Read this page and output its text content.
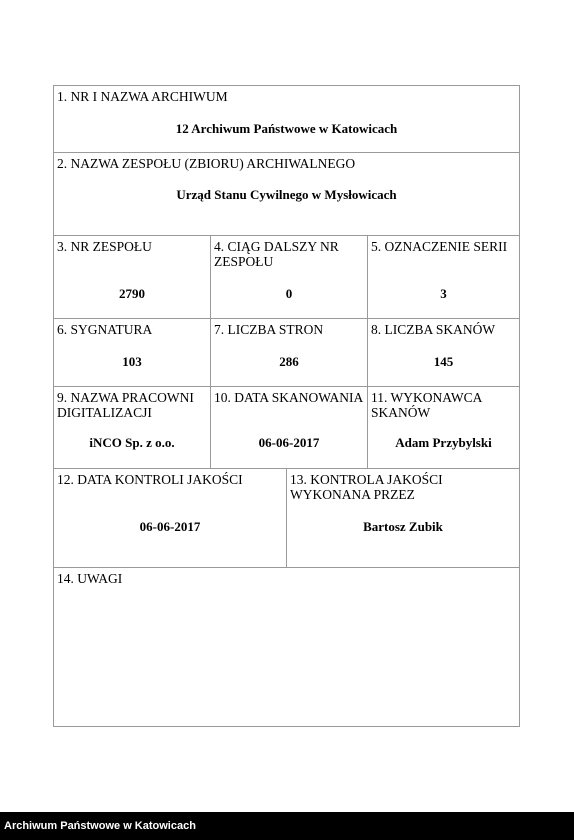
1. NR I NAZWA ARCHIWUM
12 Archiwum Państwowe w Katowicach
2. NAZWA ZESPOŁU (ZBIORU) ARCHIWALNEGO
Urząd Stanu Cywilnego w Mysłowicach
3. NR ZESPOŁU
2790
4. CIĄG DALSZY NR ZESPOŁU
0
5. OZNACZENIE SERII
3
6. SYGNATURA
103
7. LICZBA STRON
286
8. LICZBA SKANÓW
145
9. NAZWA PRACOWNI DIGITALIZACJI
iNCO Sp. z o.o.
10. DATA SKANOWANIA
06-06-2017
11. WYKONAWCA SKANÓW
Adam Przybylski
12. DATA KONTROLI JAKOŚCI
06-06-2017
13. KONTROLA JAKOŚCI WYKONANA PRZEZ
Bartosz Zubik
14. UWAGI
Archiwum Państwowe w Katowicach
